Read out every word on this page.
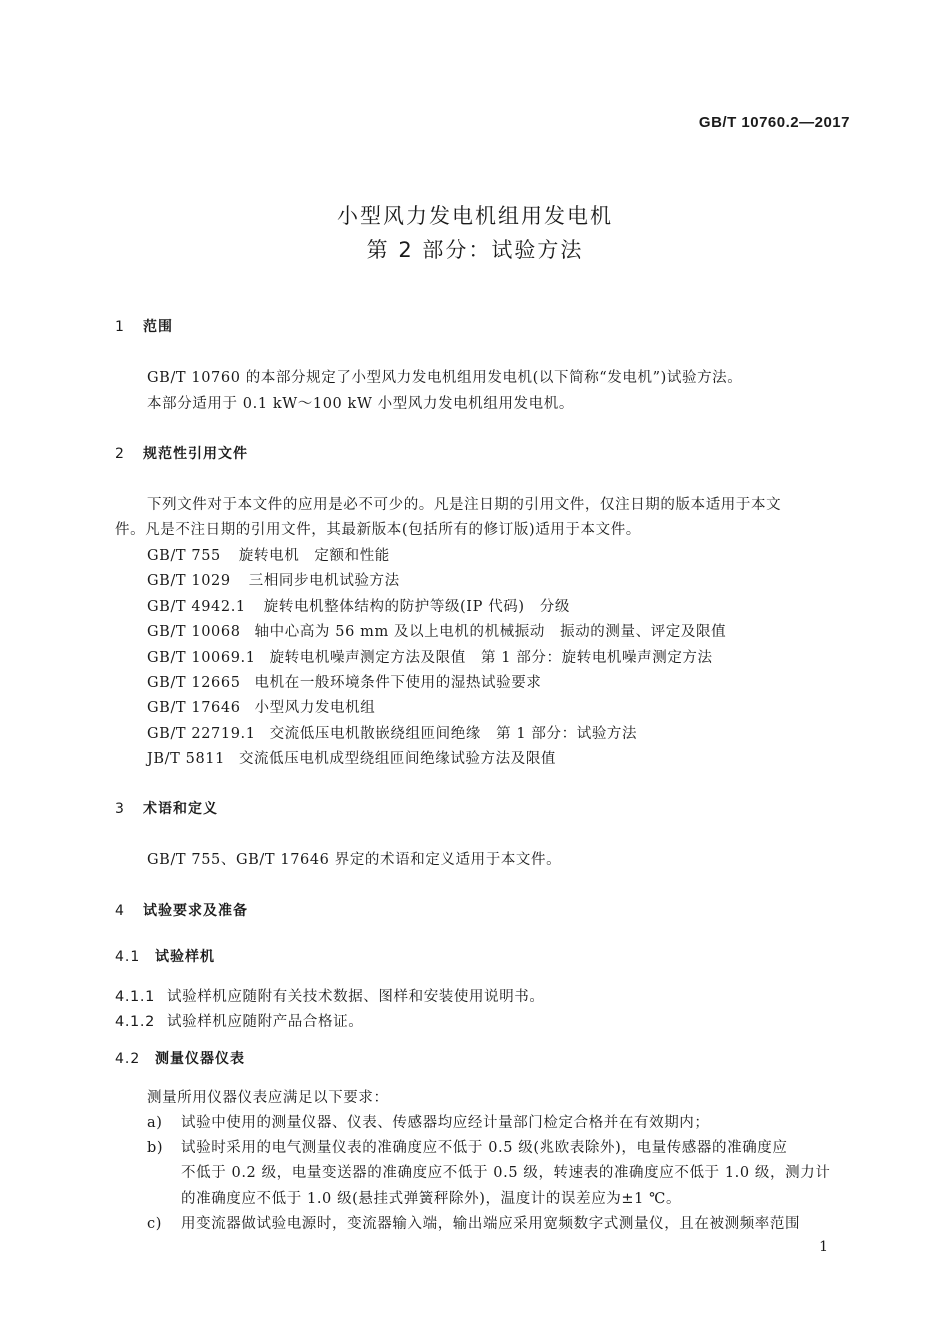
GB/T 10760.2—2017
小型风力发电机组用发电机
第 2 部分：试验方法
1 范围
GB/T 10760 的本部分规定了小型风力发电机组用发电机(以下简称“发电机”)试验方法。
本部分适用于 0.1 kW～100 kW 小型风力发电机组用发电机。
2 规范性引用文件
下列文件对于本文件的应用是必不可少的。凡是注日期的引用文件，仅注日期的版本适用于本文
件。凡是不注日期的引用文件，其最新版本(包括所有的修订版)适用于本文件。
GB/T 755 旋转电机　定额和性能
GB/T 1029 三相同步电机试验方法
GB/T 4942.1 旋转电机整体结构的防护等级(IP 代码)　分级
GB/T 10068 轴中心高为 56 mm 及以上电机的机械振动　振动的测量、评定及限值
GB/T 10069.1 旋转电机噪声测定方法及限值　第 1 部分：旋转电机噪声测定方法
GB/T 12665 电机在一般环境条件下使用的湿热试验要求
GB/T 17646 小型风力发电机组
GB/T 22719.1 交流低压电机散嵌绕组匝间绝缘　第 1 部分：试验方法
JB/T 5811 交流低压电机成型绕组匝间绝缘试验方法及限值
3 术语和定义
GB/T 755、GB/T 17646 界定的术语和定义适用于本文件。
4 试验要求及准备
4.1 试验样机
4.1.1 试验样机应随附有关技术数据、图样和安装使用说明书。
4.1.2 试验样机应随附产品合格证。
4.2 测量仪器仪表
测量所用仪器仪表应满足以下要求：
a) 试验中使用的测量仪器、仪表、传感器均应经计量部门检定合格并在有效期内；
b) 试验时采用的电气测量仪表的准确度应不低于 0.5 级(兆欧表除外)，电量传感器的准确度应
不低于 0.2 级，电量变送器的准确度应不低于 0.5 级，转速表的准确度应不低于 1.0 级，测力计
的准确度应不低于 1.0 级(悬挂式弹簧秤除外)，温度计的误差应为±1 ℃。
c) 用变流器做试验电源时，变流器输入端，输出端应采用宽频数字式测量仪，且在被测频率范围
1
